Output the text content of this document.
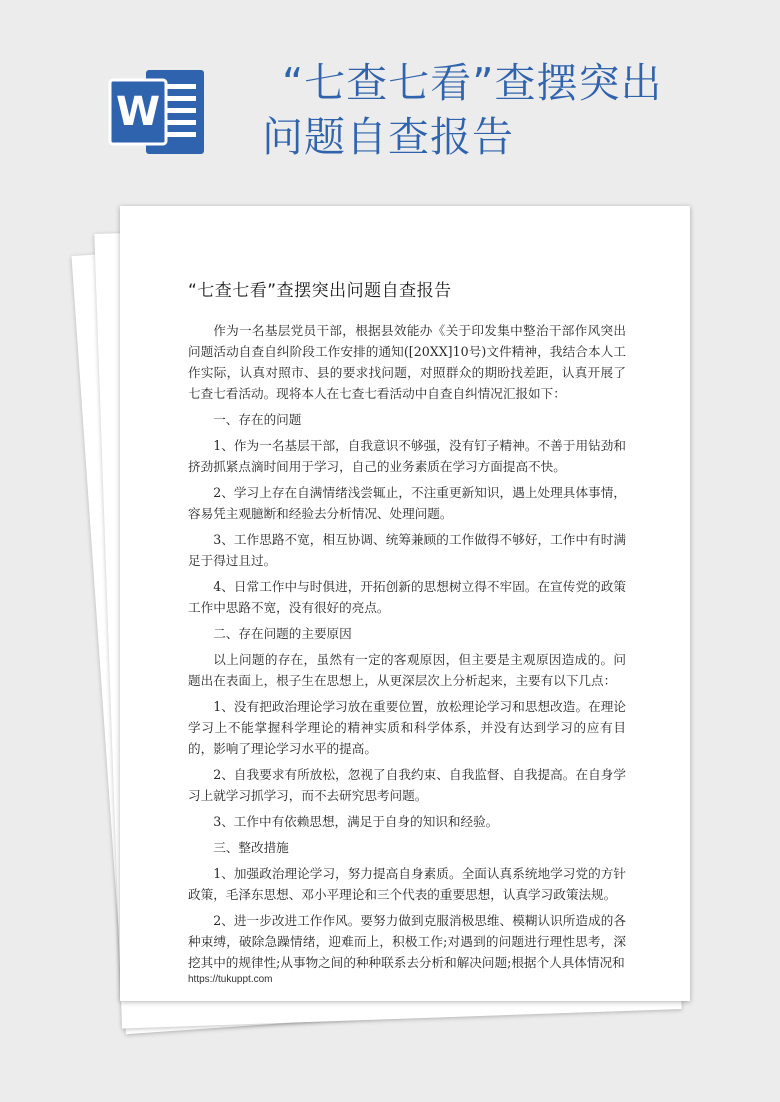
W
“七查七看”查摆突出
问题自查报告
“七查七看”查摆突出问题自查报告

作为一名基层党员干部，根据县效能办《关于印发集中整治干部作风突出问题活动自查自纠阶段工作安排的通知([20XX]10号)文件精神，我结合本人工作实际，认真对照市、县的要求找问题，对照群众的期盼找差距，认真开展了七查七看活动。现将本人在七查七看活动中自查自纠情况汇报如下：

一、存在的问题

1、作为一名基层干部，自我意识不够强，没有钉子精神。不善于用钻劲和挤劲抓紧点滴时间用于学习，自己的业务素质在学习方面提高不快。

2、学习上存在自满情绪浅尝辄止，不注重更新知识，遇上处理具体事情，容易凭主观臆断和经验去分析情况、处理问题。

3、工作思路不宽，相互协调、统筹兼顾的工作做得不够好，工作中有时满足于得过且过。

4、日常工作中与时俱进，开拓创新的思想树立得不牢固。在宣传党的政策工作中思路不宽，没有很好的亮点。

二、存在问题的主要原因

以上问题的存在，虽然有一定的客观原因，但主要是主观原因造成的。问题出在表面上，根子生在思想上，从更深层次上分析起来，主要有以下几点：

1、没有把政治理论学习放在重要位置，放松理论学习和思想改造。在理论学习上不能掌握科学理论的精神实质和科学体系，并没有达到学习的应有目的，影响了理论学习水平的提高。

2、自我要求有所放松，忽视了自我约束、自我监督、自我提高。在自身学习上就学习抓学习，而不去研究思考问题。

3、工作中有依赖思想，满足于自身的知识和经验。

三、整改措施

1、加强政治理论学习，努力提高自身素质。全面认真系统地学习党的方针政策，毛泽东思想、邓小平理论和三个代表的重要思想，认真学习政策法规。

2、进一步改进工作作风。要努力做到克服消极思维、模糊认识所造成的各种束缚，破除急躁情绪，迎难而上，积极工作;对遇到的问题进行理性思考，深挖其中的规律性;从事物之间的种种联系去分析和解决问题;根据个人具体情况和

https://tukuppt.com
